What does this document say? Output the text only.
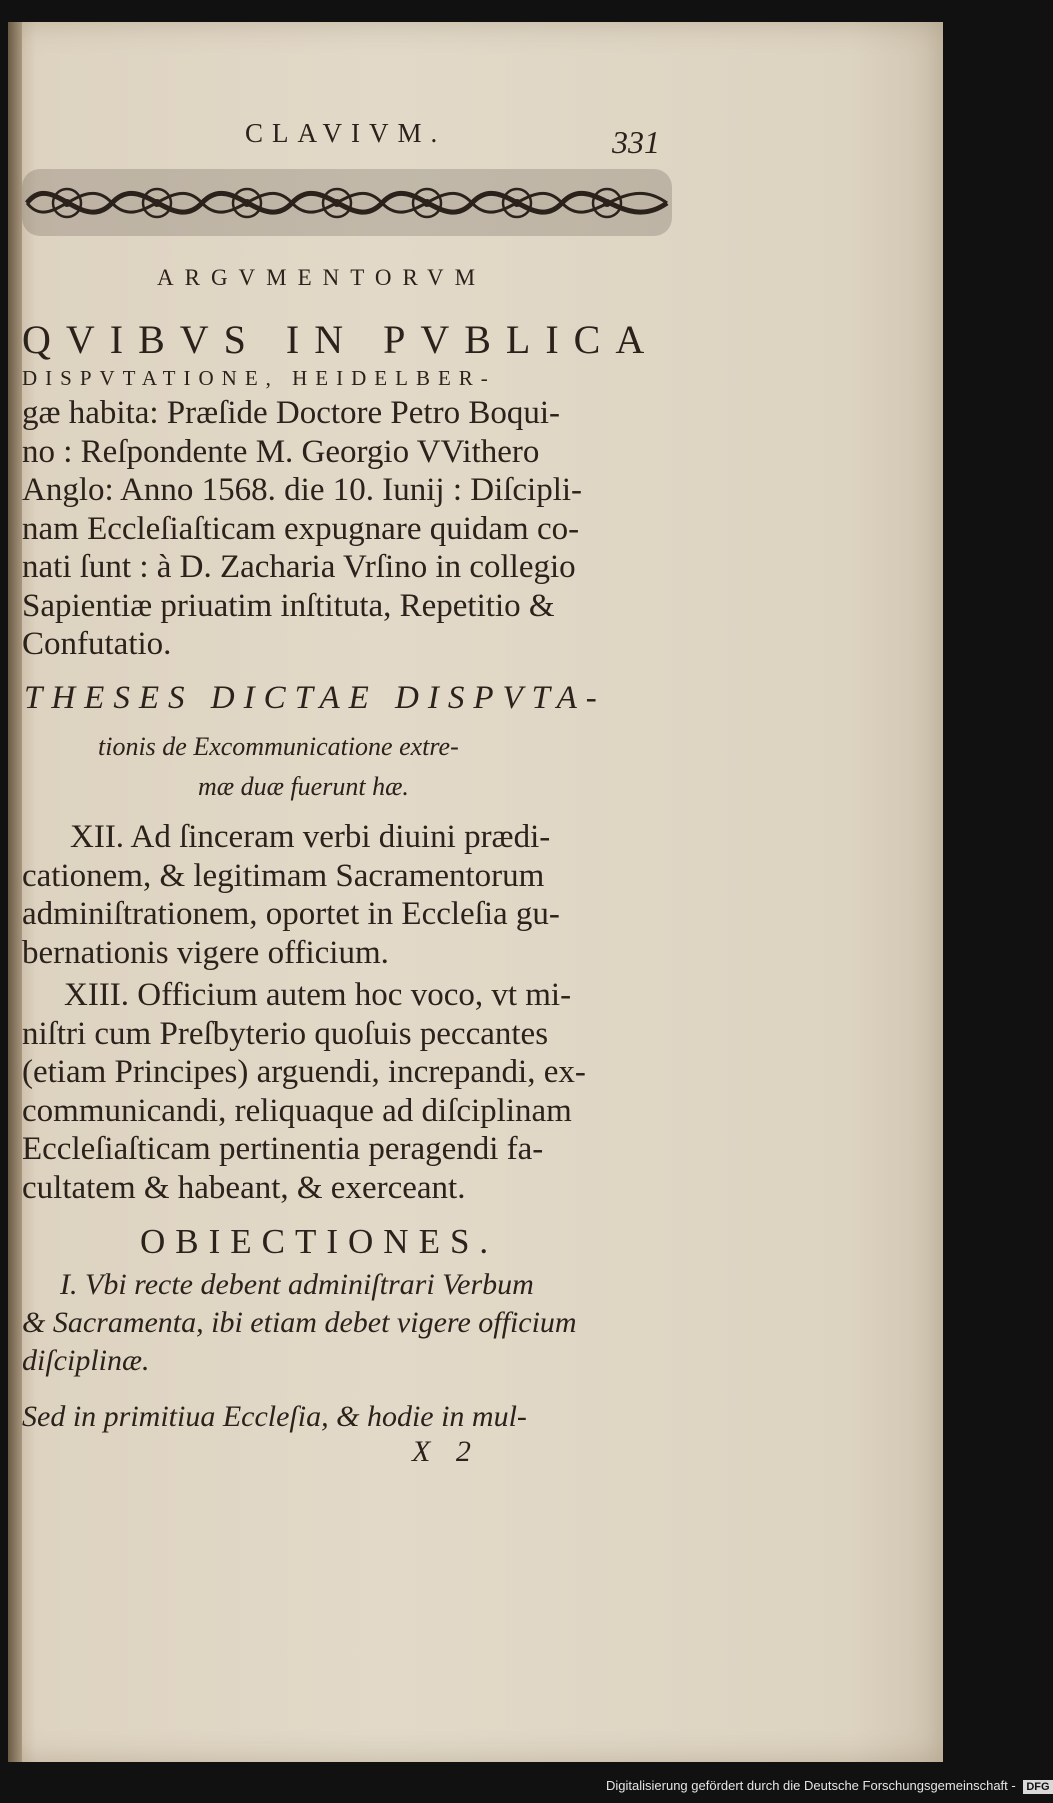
CLAVIVM.	331
ARGVMENTORVM
QVIBVS IN PVBLICA
DISPVTATIONE, HEIDELBER-
gæ habita: Præſide Doctore Petro Boqui-
no : Reſpondente M. Georgio VVithero
Anglo: Anno 1568. die 10. Iunij : Diſcipli-
nam Eccleſiaſticam expugnare quidam co-
nati ſunt : à D. Zacharia Vrſino in collegio
Sapientiæ priuatim inſtituta, Repetitio &
Confutatio.
THESES DICTAE DISPVTA-
tionis de Excommunicatione extre-
mæ duæ fuerunt hæ.
XII. Ad ſinceram verbi diuini prædi-
cationem, & legitimam Sacramentorum
adminiſtrationem, oportet in Eccleſia gu-
bernationis vigere officium.
XIII. Officium autem hoc voco, vt mi-
niſtri cum Preſbyterio quoſuis peccantes
(etiam Principes) arguendi, increpandi, ex-
communicandi, reliquaque ad diſciplinam
Eccleſiaſticam pertinentia peragendi fa-
cultatem & habeant, & exerceant.
OBIECTIONES.
I. Vbi recte debent adminiſtrari Verbum
& Sacramenta, ibi etiam debet vigere officium
diſciplinæ.
Sed in primitiua Eccleſia, & hodie in mul-
X 2
Digitalisierung gefördert durch die Deutsche Forschungsgemeinschaft - DFG
